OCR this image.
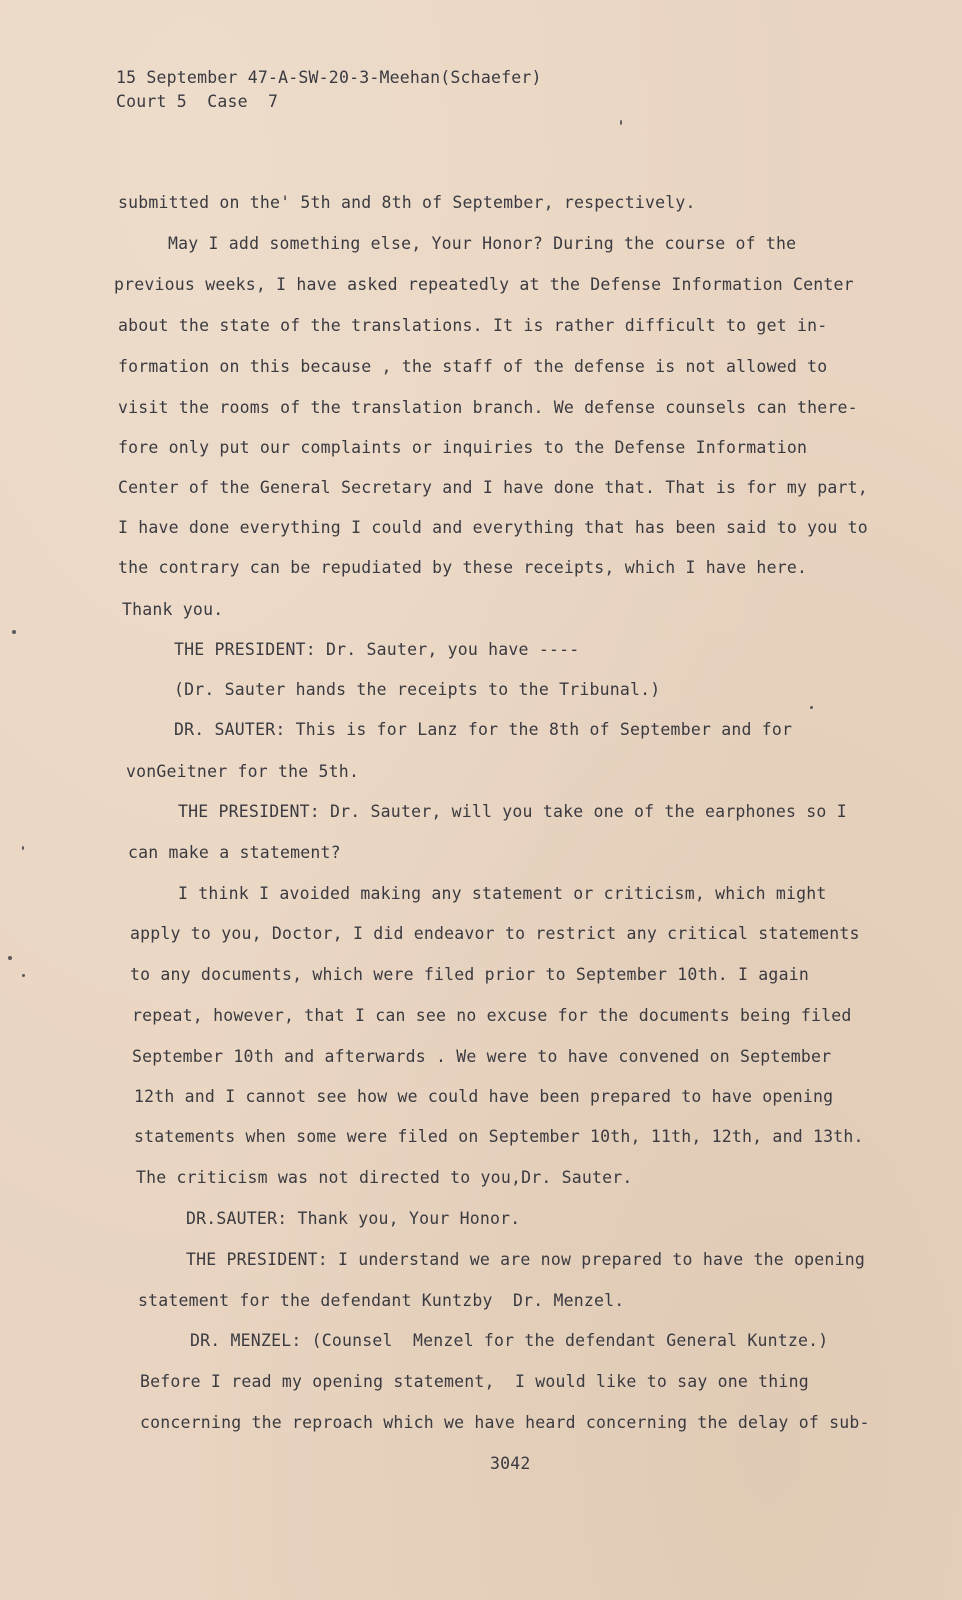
15 September 47-A-SW-20-3-Meehan(Schaefer)
Court 5  Case  7
submitted on the' 5th and 8th of September, respectively.
May I add something else, Your Honor? During the course of the
previous weeks, I have asked repeatedly at the Defense Information Center
about the state of the translations. It is rather difficult to get in-
formation on this because , the staff of the defense is not allowed to
visit the rooms of the translation branch. We defense counsels can there-
fore only put our complaints or inquiries to the Defense Information
Center of the General Secretary and I have done that. That is for my part,
I have done everything I could and everything that has been said to you to
the contrary can be repudiated by these receipts, which I have here.
Thank you.
THE PRESIDENT: Dr. Sauter, you have ----
(Dr. Sauter hands the receipts to the Tribunal.)
DR. SAUTER: This is for Lanz for the 8th of September and for
vonGeitner for the 5th.
THE PRESIDENT: Dr. Sauter, will you take one of the earphones so I
can make a statement?
I think I avoided making any statement or criticism, which might
apply to you, Doctor, I did endeavor to restrict any critical statements
to any documents, which were filed prior to September 10th. I again
repeat, however, that I can see no excuse for the documents being filed
September 10th and afterwards . We were to have convened on September
12th and I cannot see how we could have been prepared to have opening
statements when some were filed on September 10th, 11th, 12th, and 13th.
The criticism was not directed to you,Dr. Sauter.
DR.SAUTER: Thank you, Your Honor.
THE PRESIDENT: I understand we are now prepared to have the opening
statement for the defendant Kuntzby  Dr. Menzel.
DR. MENZEL: (Counsel  Menzel for the defendant General Kuntze.)
Before I read my opening statement,  I would like to say one thing
concerning the reproach which we have heard concerning the delay of sub-
3042
